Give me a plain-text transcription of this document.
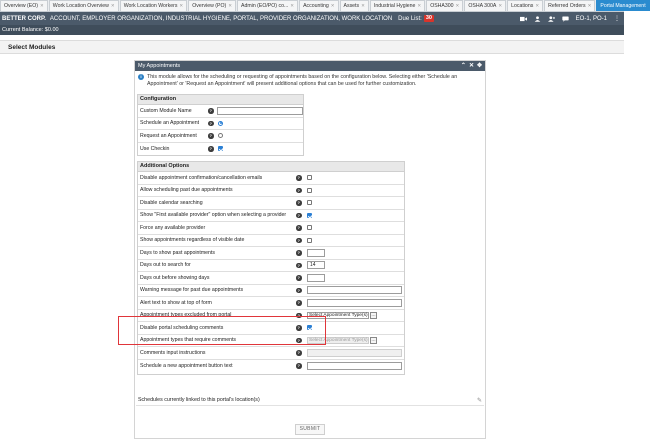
Overview (EO) ✕ Work Location Overview ✕ Work Location Workers ✕ Overview (PO) ✕ Admin (EO/PO) co... ✕ Accounting ✕ Assets ✕ Industrial Hygiene ✕ OSHA300 ✕ OSHA 300A ✕ Locations ✕ Referred Orders ✕ Portal Management
BETTER CORP. ACCOUNT, EMPLOYER ORGANIZATION, INDUSTRIAL HYGIENE, PORTAL, PROVIDER ORGANIZATION, WORK LOCATION Due List: 30	EO-1, PO-1 ⋮
Current Balance: $0.00
Select Modules
My Appointments	⌃ ✕ ✥
i	This module allows for the scheduling or requesting of appointments based on the configuration below. Selecting either 'Schedule an Appointment' or 'Request an Appointment' will present additional options that can be used for further customization.
Configuration
Custom Module Name	?
Schedule an Appointment	?
Request an Appointment	?
Use Checkin	?
Additional Options
Disable appointment confirmation/cancellation emails	?
Allow scheduling past due appointments	?
Disable calendar searching	?
Show "First available provider" option when selecting a provider	?
Force any available provider	?
Show appointments regardless of visible date	?
Days to show past appointments	?
Days out to search for	?	14
Days out before showing days	?
Warning message for past due appointments	?
Alert text to show at top of form	?
Appointment types excluded from portal	?	Select Appointment Type(s) …
Disable portal scheduling comments	?
Appointment types that require comments	?	Select Appointment Type(s) …
Comments input instructions	?
Schedule a new appointment button text	?
Schedules currently linked to this portal's location(s)	✎
SUBMIT
